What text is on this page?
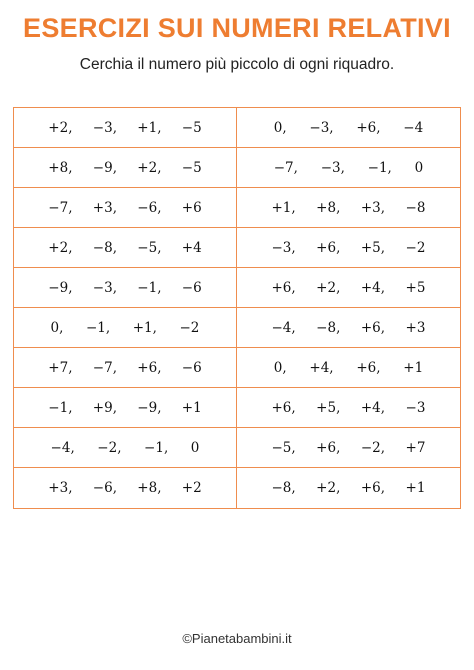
ESERCIZI SUI NUMERI RELATIVI
Cerchia il numero più piccolo di ogni riquadro.
+2, −3, +1, −5	0, −3, +6, −4
+8, −9, +2, −5	−7, −3, −1, 0
−7, +3, −6, +6	+1, +8, +3, −8
+2, −8, −5, +4	−3, +6, +5, −2
−9, −3, −1, −6	+6, +2, +4, +5
0, −1, +1, −2	−4, −8, +6, +3
+7, −7, +6, −6	0, +4, +6, +1
−1, +9, −9, +1	+6, +5, +4, −3
−4, −2, −1, 0	−5, +6, −2, +7
+3, −6, +8, +2	−8, +2, +6, +1
©Pianetabambini.it
